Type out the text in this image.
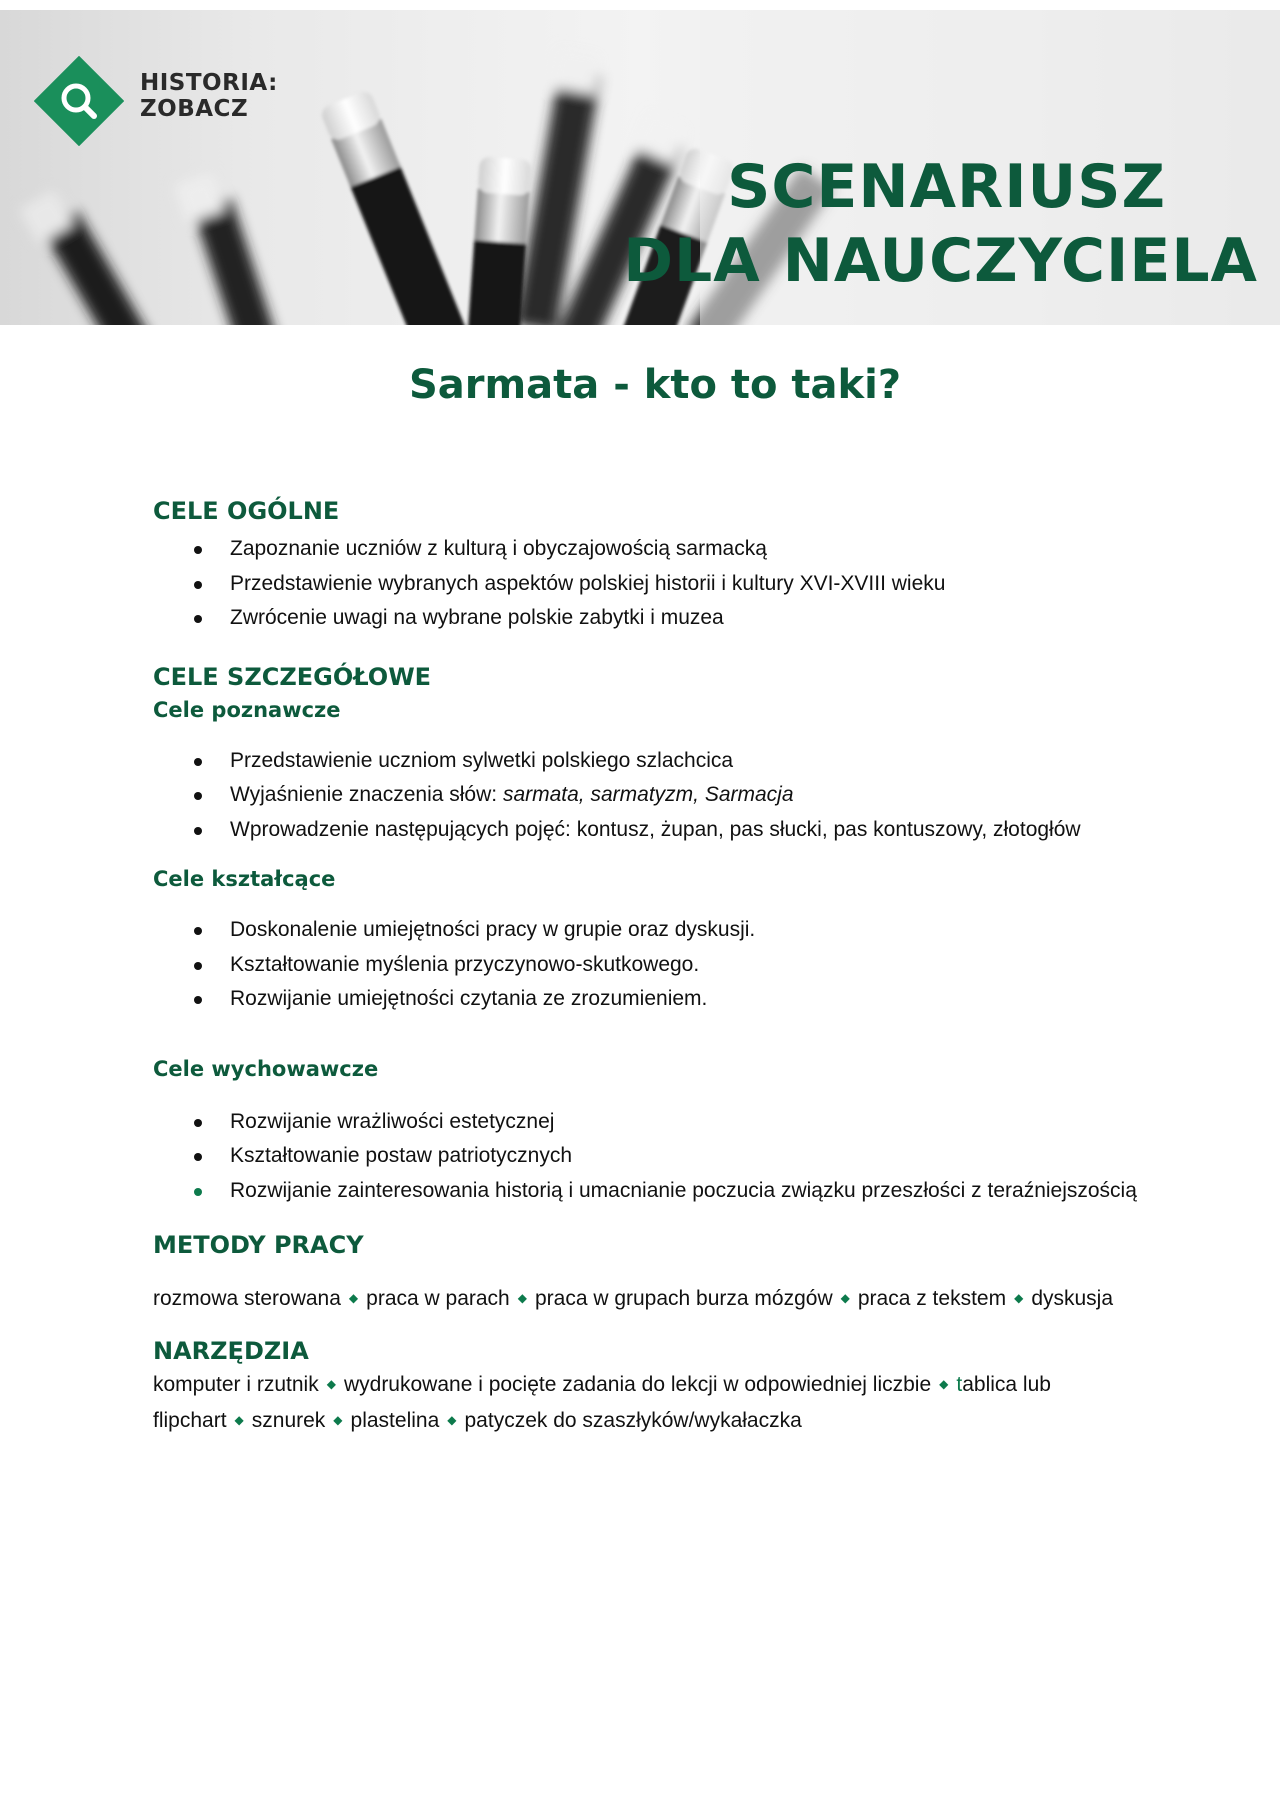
HISTORIA:
ZOBACZ
SCENARIUSZ
DLA NAUCZYCIELA
Sarmata - kto to taki?
CELE OGÓLNE
Zapoznanie uczniów z kulturą i obyczajowością sarmacką
Przedstawienie wybranych aspektów polskiej historii i kultury XVI-XVIII wieku
Zwrócenie uwagi na wybrane polskie zabytki i muzea
CELE SZCZEGÓŁOWE
Cele poznawcze
Przedstawienie uczniom sylwetki polskiego szlachcica
Wyjaśnienie znaczenia słów: sarmata, sarmatyzm, Sarmacja
Wprowadzenie następujących pojęć: kontusz, żupan, pas słucki, pas kontuszowy, złotogłów
Cele kształcące
Doskonalenie umiejętności pracy w grupie oraz dyskusji.
Kształtowanie myślenia przyczynowo-skutkowego.
Rozwijanie umiejętności czytania ze zrozumieniem.
Cele wychowawcze
Rozwijanie wrażliwości estetycznej
Kształtowanie postaw patriotycznych
Rozwijanie zainteresowania historią i umacnianie poczucia związku przeszłości z teraźniejszością
METODY PRACY

rozmowa sterowana ◆ praca w parach ◆ praca w grupach burza mózgów ◆ praca z tekstem ◆ dyskusja

NARZĘDZIA

komputer i rzutnik ◆ wydrukowane i pocięte zadania do lekcji w odpowiedniej liczbie ◆ tablica lub
flipchart ◆ sznurek ◆ plastelina ◆ patyczek do szaszłyków/wykałaczka
